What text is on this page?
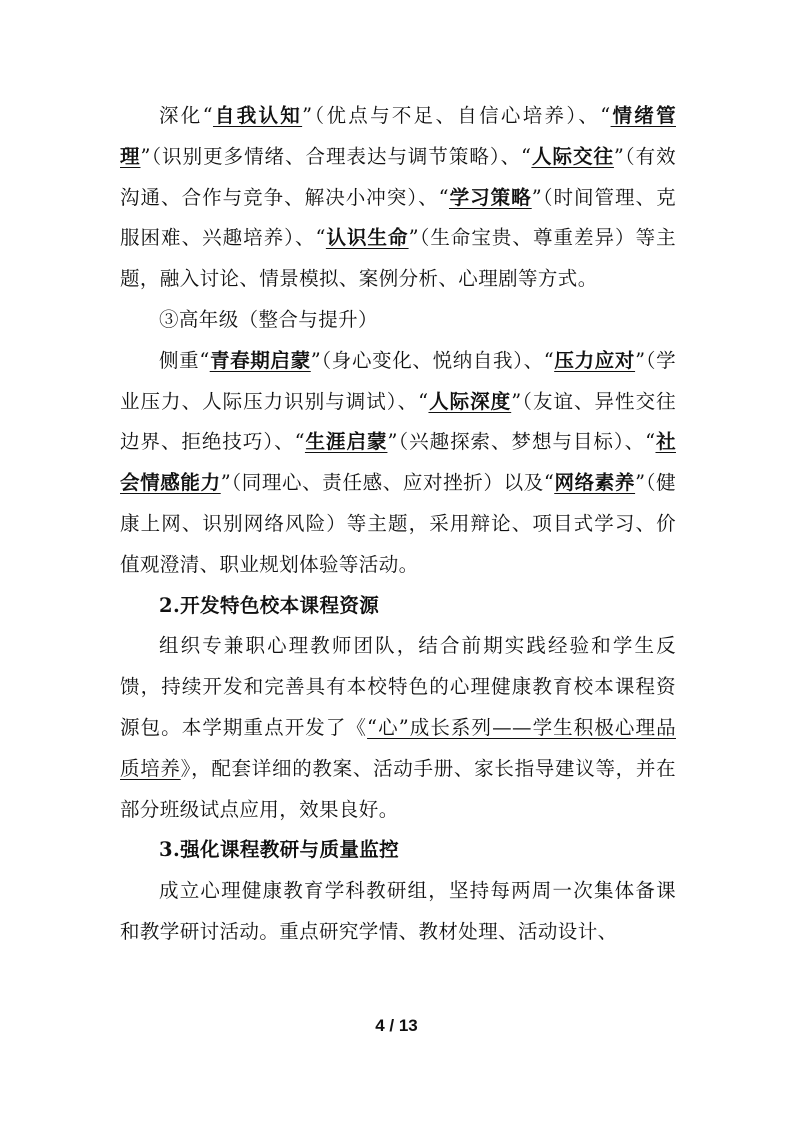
深化“自我认知”（优点与不足、自信心培养）、“情绪管理”（识别更多情绪、合理表达与调节策略）、“人际交往”（有效沟通、合作与竞争、解决小冲突）、“学习策略”（时间管理、克服困难、兴趣培养）、“认识生命”（生命宝贵、尊重差异）等主题，融入讨论、情景模拟、案例分析、心理剧等方式。

③高年级（整合与提升）

侧重“青春期启蒙”（身心变化、悦纳自我）、“压力应对”（学业压力、人际压力识别与调试）、“人际深度”（友谊、异性交往边界、拒绝技巧）、“生涯启蒙”（兴趣探索、梦想与目标）、“社会情感能力”（同理心、责任感、应对挫折）以及“网络素养”（健康上网、识别网络风险）等主题，采用辩论、项目式学习、价值观澄清、职业规划体验等活动。

2.开发特色校本课程资源

组织专兼职心理教师团队，结合前期实践经验和学生反馈，持续开发和完善具有本校特色的心理健康教育校本课程资源包。本学期重点开发了《“心”成长系列——学生积极心理品质培养》，配套详细的教案、活动手册、家长指导建议等，并在部分班级试点应用，效果良好。

3.强化课程教研与质量监控

成立心理健康教育学科教研组，坚持每两周一次集体备课和教学研讨活动。重点研究学情、教材处理、活动设计、

4 / 13
